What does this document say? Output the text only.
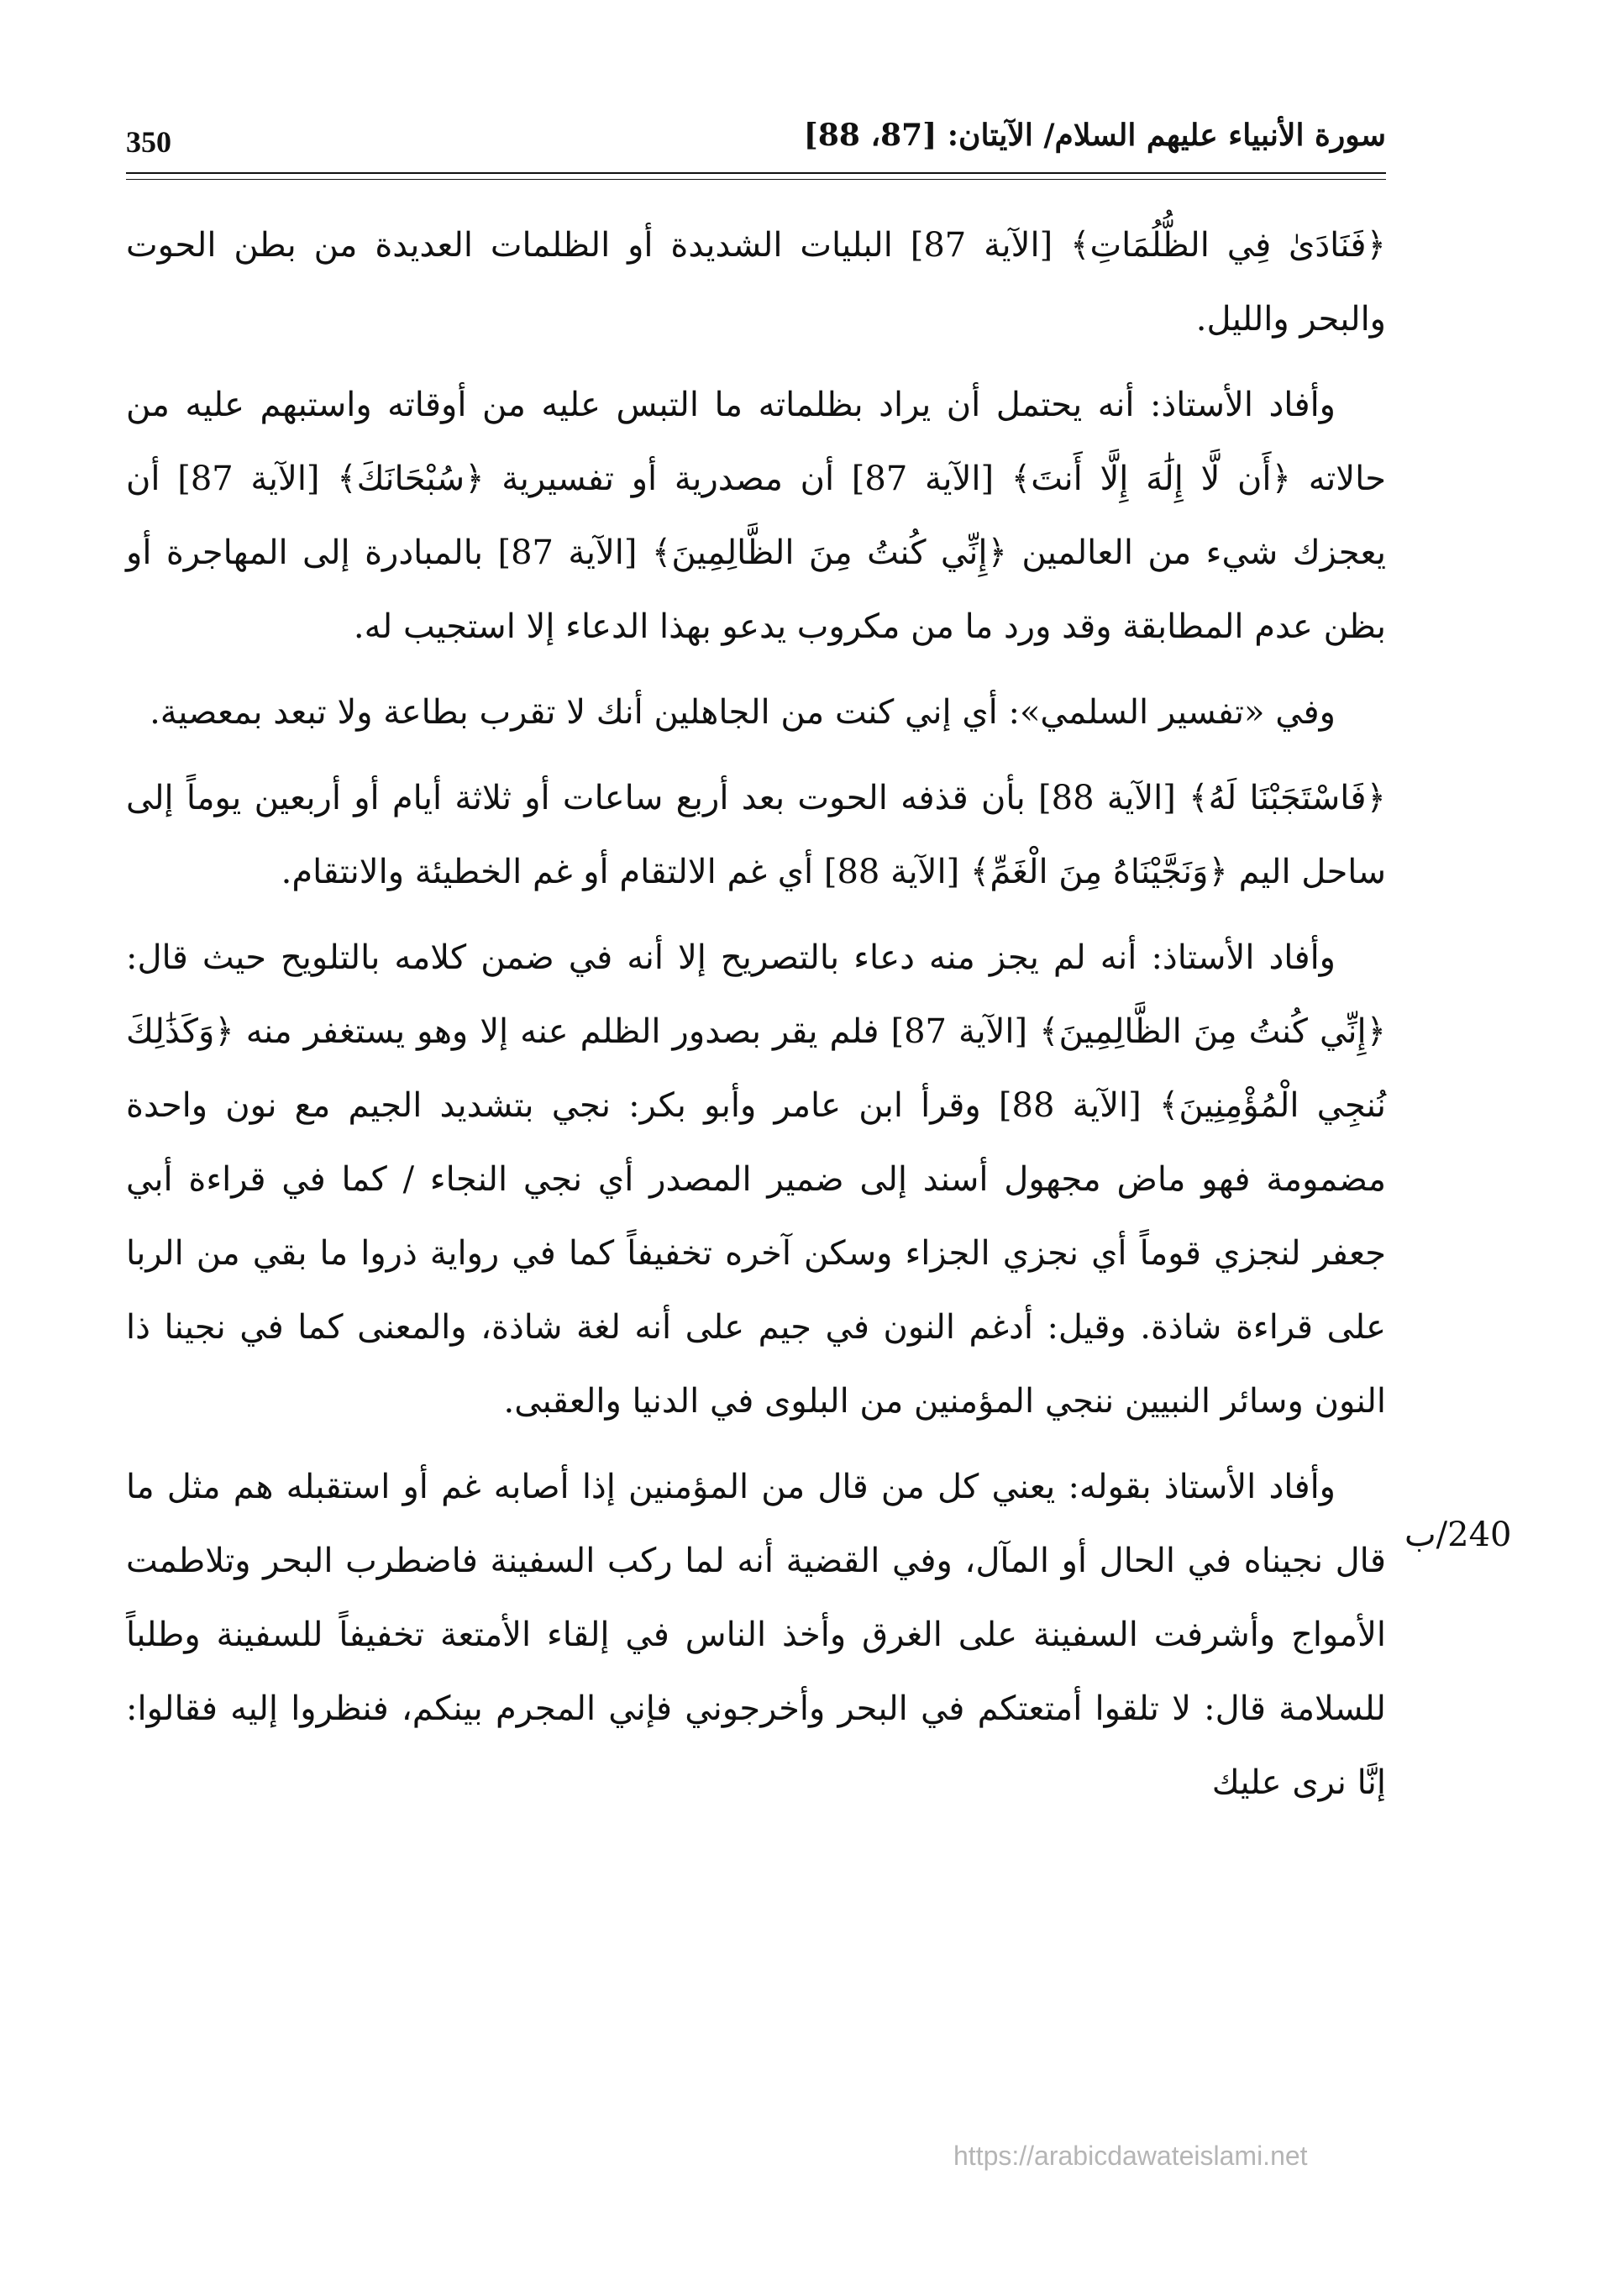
350	سورة الأنبياء عليهم السلام/ الآيتان: [87، 88]

﴿فَنَادَىٰ فِي الظُّلُمَاتِ﴾ [الآية 87] البليات الشديدة أو الظلمات العديدة من بطن الحوت والبحر والليل.

وأفاد الأستاذ: أنه يحتمل أن يراد بظلماته ما التبس عليه من أوقاته واستبهم عليه من حالاته ﴿أَن لَّا إِلَٰهَ إِلَّا أَنتَ﴾ [الآية 87] أن مصدرية أو تفسيرية ﴿سُبْحَانَكَ﴾ [الآية 87] أن يعجزك شيء من العالمين ﴿إِنِّي كُنتُ مِنَ الظَّالِمِينَ﴾ [الآية 87] بالمبادرة إلى المهاجرة أو بظن عدم المطابقة وقد ورد ما من مكروب يدعو بهذا الدعاء إلا استجيب له.

وفي «تفسير السلمي»: أي إني كنت من الجاهلين أنك لا تقرب بطاعة ولا تبعد بمعصية.

﴿فَاسْتَجَبْنَا لَهُ﴾ [الآية 88] بأن قذفه الحوت بعد أربع ساعات أو ثلاثة أيام أو أربعين يوماً إلى ساحل اليم ﴿وَنَجَّيْنَاهُ مِنَ الْغَمِّ﴾ [الآية 88] أي غم الالتقام أو غم الخطيئة والانتقام.

وأفاد الأستاذ: أنه لم يجز منه دعاء بالتصريح إلا أنه في ضمن كلامه بالتلويح حيث قال: ﴿إِنِّي كُنتُ مِنَ الظَّالِمِينَ﴾ [الآية 87] فلم يقر بصدور الظلم عنه إلا وهو يستغفر منه ﴿وَكَذَٰلِكَ نُنجِي الْمُؤْمِنِينَ﴾ [الآية 88] وقرأ ابن عامر وأبو بكر: نجي بتشديد الجيم مع نون واحدة مضمومة فهو ماض مجهول أسند إلى ضمير المصدر أي نجي النجاء / كما في قراءة أبي جعفر لنجزي قوماً أي نجزي الجزاء وسكن آخره تخفيفاً كما في رواية ذروا ما بقي من الربا على قراءة شاذة. وقيل: أدغم النون في جيم على أنه لغة شاذة، والمعنى كما في نجينا ذا النون وسائر النبيين ننجي المؤمنين من البلوى في الدنيا والعقبى.

وأفاد الأستاذ بقوله: يعني كل من قال من المؤمنين إذا أصابه غم أو استقبله هم مثل ما قال نجيناه في الحال أو المآل، وفي القضية أنه لما ركب السفينة فاضطرب البحر وتلاطمت الأمواج وأشرفت السفينة على الغرق وأخذ الناس في إلقاء الأمتعة تخفيفاً للسفينة وطلباً للسلامة قال: لا تلقوا أمتعتكم في البحر وأخرجوني فإني المجرم بينكم، فنظروا إليه فقالوا: إنَّا نرى عليك

240/ب
https://arabicdawateislami.net
